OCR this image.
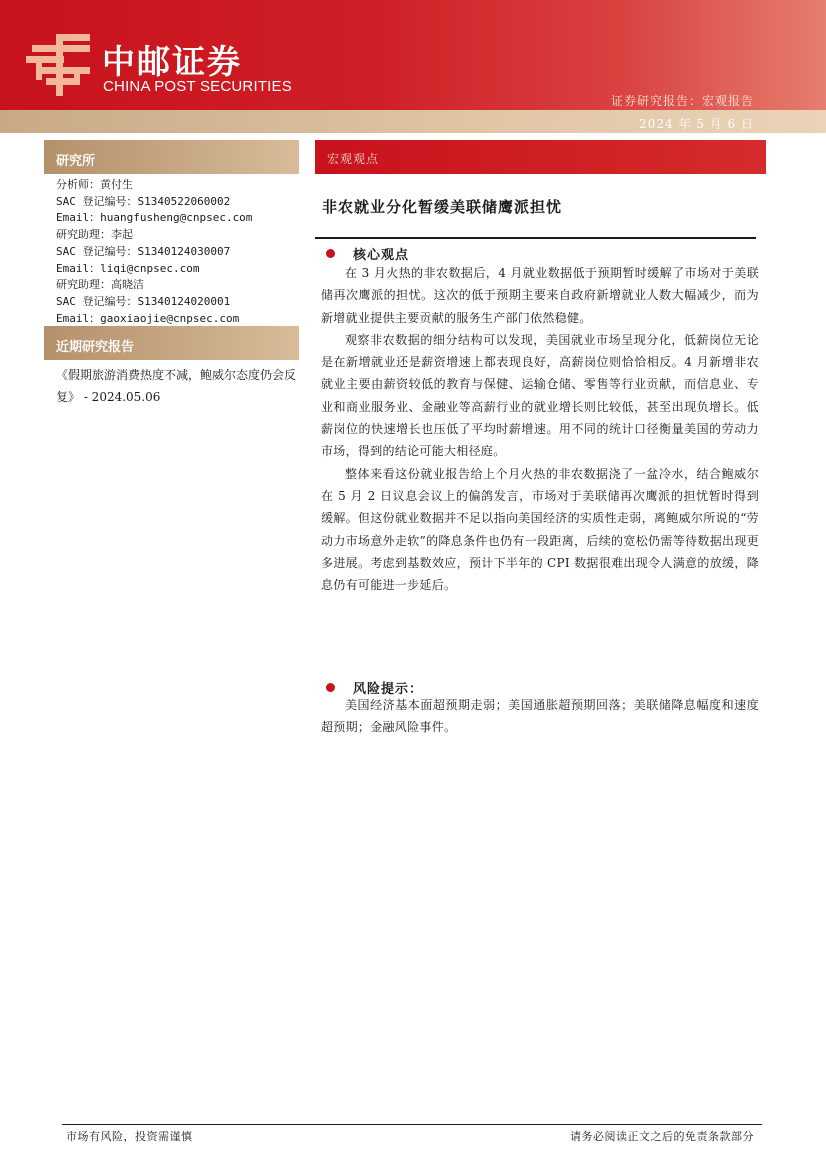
中邮证券
CHINA POST SECURITIES
证券研究报告：宏观报告
2024 年 5 月 6 日
研究所
分析师：黄付生
SAC 登记编号：S1340522060002
Email：huangfusheng@cnpsec.com
研究助理：李起
SAC 登记编号：S1340124030007
Email：liqi@cnpsec.com
研究助理：高晓洁
SAC 登记编号：S1340124020001
Email：gaoxiaojie@cnpsec.com
近期研究报告
《假期旅游消费热度不减，鲍威尔态度仍会反复》 - 2024.05.06
宏观观点
非农就业分化暂缓美联储鹰派担忧
核心观点

在 3 月火热的非农数据后，4 月就业数据低于预期暂时缓解了市场对于美联储再次鹰派的担忧。这次的低于预期主要来自政府新增就业人数大幅减少，而为新增就业提供主要贡献的服务生产部门依然稳健。

观察非农数据的细分结构可以发现，美国就业市场呈现分化，低薪岗位无论是在新增就业还是薪资增速上都表现良好，高薪岗位则恰恰相反。4 月新增非农就业主要由薪资较低的教育与保健、运输仓储、零售等行业贡献，而信息业、专业和商业服务业、金融业等高薪行业的就业增长则比较低，甚至出现负增长。低薪岗位的快速增长也压低了平均时薪增速。用不同的统计口径衡量美国的劳动力市场，得到的结论可能大相径庭。

整体来看这份就业报告给上个月火热的非农数据浇了一盆冷水，结合鲍威尔在 5 月 2 日议息会议上的偏鸽发言，市场对于美联储再次鹰派的担忧暂时得到缓解。但这份就业数据并不足以指向美国经济的实质性走弱，离鲍威尔所说的“劳动力市场意外走软”的降息条件也仍有一段距离，后续的宽松仍需等待数据出现更多进展。考虑到基数效应，预计下半年的 CPI 数据很难出现令人满意的放缓，降息仍有可能进一步延后。

风险提示：

美国经济基本面超预期走弱；美国通胀超预期回落；美联储降息幅度和速度超预期；金融风险事件。

市场有风险，投资需谨慎	请务必阅读正文之后的免责条款部分
